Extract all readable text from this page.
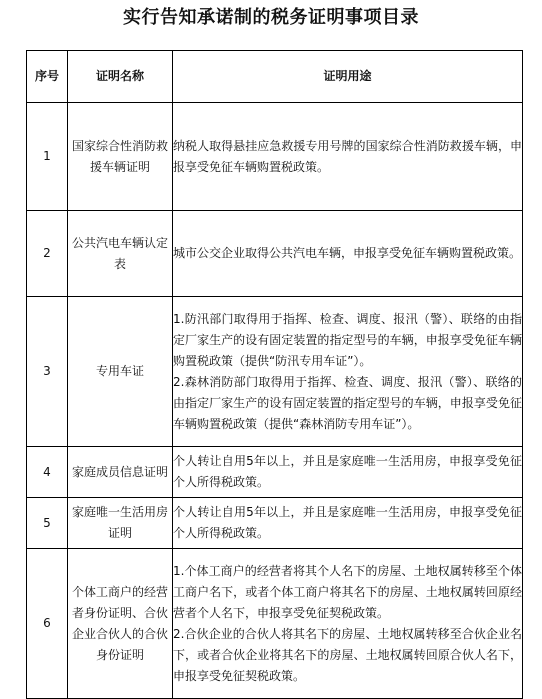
实行告知承诺制的税务证明事项目录
序号	证明名称	证明用途
1	国家综合性消防救援车辆证明	纳税人取得悬挂应急救援专用号牌的国家综合性消防救援车辆，申报享受免征车辆购置税政策。

2	公共汽电车辆认定表	城市公交企业取得公共汽电车辆，申报享受免征车辆购置税政策。

3	专用车证	1.防汛部门取得用于指挥、检查、调度、报汛（警）、联络的由指定厂家生产的设有固定装置的指定型号的车辆，申报享受免征车辆购置税政策（提供“防汛专用车证”）。
2.森林消防部门取得用于指挥、检查、调度、报汛（警）、联络的由指定厂家生产的设有固定装置的指定型号的车辆，申报享受免征车辆购置税政策（提供“森林消防专用车证”）。

4	家庭成员信息证明	个人转让自用5年以上，并且是家庭唯一生活用房，申报享受免征个人所得税政策。

5	家庭唯一生活用房证明	个人转让自用5年以上，并且是家庭唯一生活用房，申报享受免征个人所得税政策。

6	个体工商户的经营者身份证明、合伙企业合伙人的合伙身份证明	1.个体工商户的经营者将其个人名下的房屋、土地权属转移至个体工商户名下，或者个体工商户将其名下的房屋、土地权属转回原经营者个人名下，申报享受免征契税政策。
2.合伙企业的合伙人将其名下的房屋、土地权属转移至合伙企业名下，或者合伙企业将其名下的房屋、土地权属转回原合伙人名下，申报享受免征契税政策。
